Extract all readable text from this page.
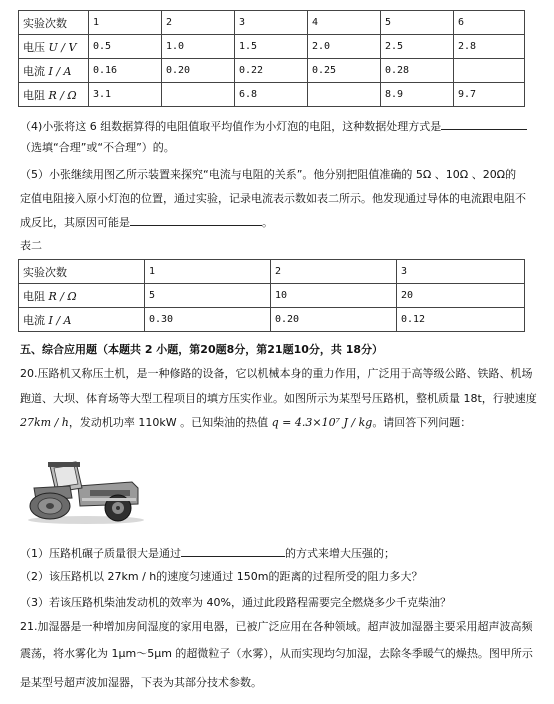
实验次数	1	2	3	4	5	6
电压 U / V	0.5	1.0	1.5	2.0	2.5	2.8
电流 I / A	0.16	0.20	0.22	0.25	0.28	
电阻 R / Ω	3.1		6.8		8.9	9.7
（4)小张将这 6 组数据算得的电阻值取平均值作为小灯泡的电阻，这种数据处理方式是
（选填“合理”或“不合理”）的。
（5）小张继续用图乙所示装置来探究“电流与电阻的关系”。他分别把阻值准确的 5Ω 、10Ω 、20Ω的
定值电阻接入原小灯泡的位置，通过实验，记录电流表示数如表二所示。他发现通过导体的电流跟电阻不
成反比，其原因可能是	。
表二
实验次数	1	2	3
电阻 R / Ω	5	10	20
电流 I / A	0.30	0.20	0.12
五、综合应用题（本题共 2 小题，第20题8分，第21题10分，共 18分）
20.压路机又称压土机，是一种修路的设备，它以机械本身的重力作用，广泛用于高等级公路、铁路、机场
跑道、大坝、体育场等大型工程项目的填方压实作业。如图所示为某型号压路机，整机质量 18t，行驶速度
27km / h，发动机功率 110kW 。已知柴油的热值 q = 4.3×10⁷ J / kg。请回答下列问题：
（1）压路机碾子质量很大是通过	的方式来增大压强的；
（2）该压路机以 27km / h的速度匀速通过 150m的距离的过程所受的阻力多大？
（3）若该压路机柴油发动机的效率为 40%，通过此段路程需要完全燃烧多少千克柴油？
21.加湿器是一种增加房间湿度的家用电器，已被广泛应用在各种领域。超声波加湿器主要采用超声波高频
震荡，将水雾化为 1μm～5μm 的超微粒子（水雾），从而实现均匀加湿，去除冬季暖气的燥热。图甲所示
是某型号超声波加湿器，下表为其部分技术参数。
